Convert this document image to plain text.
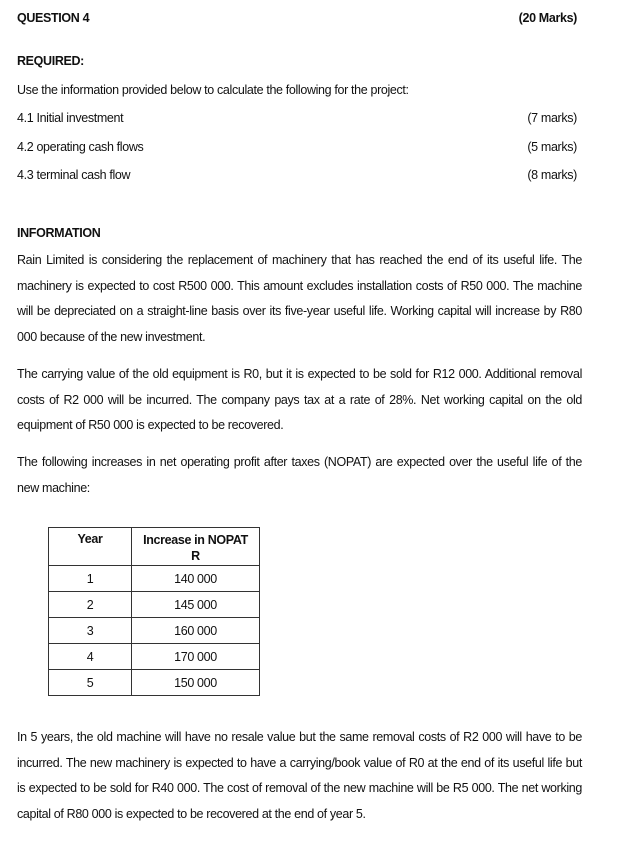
QUESTION 4	(20 Marks)
REQUIRED:
Use the information provided below to calculate the following for the project:
4.1 Initial investment	(7 marks)
4.2 operating cash flows	(5 marks)
4.3 terminal cash flow	(8 marks)
INFORMATION
Rain Limited is considering the replacement of machinery that has reached the end of its useful life. The machinery is expected to cost R500 000. This amount excludes installation costs of R50 000. The machine will be depreciated on a straight-line basis over its five-year useful life. Working capital will increase by R80 000 because of the new investment.
The carrying value of the old equipment is R0, but it is expected to be sold for R12 000. Additional removal costs of R2 000 will be incurred. The company pays tax at a rate of 28%. Net working capital on the old equipment of R50 000 is expected to be recovered.
The following increases in net operating profit after taxes (NOPAT) are expected over the useful life of the new machine:
Year	Increase in NOPAT
R
1	140 000
2	145 000
3	160 000
4	170 000
5	150 000
In 5 years, the old machine will have no resale value but the same removal costs of R2 000 will have to be incurred. The new machinery is expected to have a carrying/book value of R0 at the end of its useful life but is expected to be sold for R40 000. The cost of removal of the new machine will be R5 000. The net working capital of R80 000 is expected to be recovered at the end of year 5.
